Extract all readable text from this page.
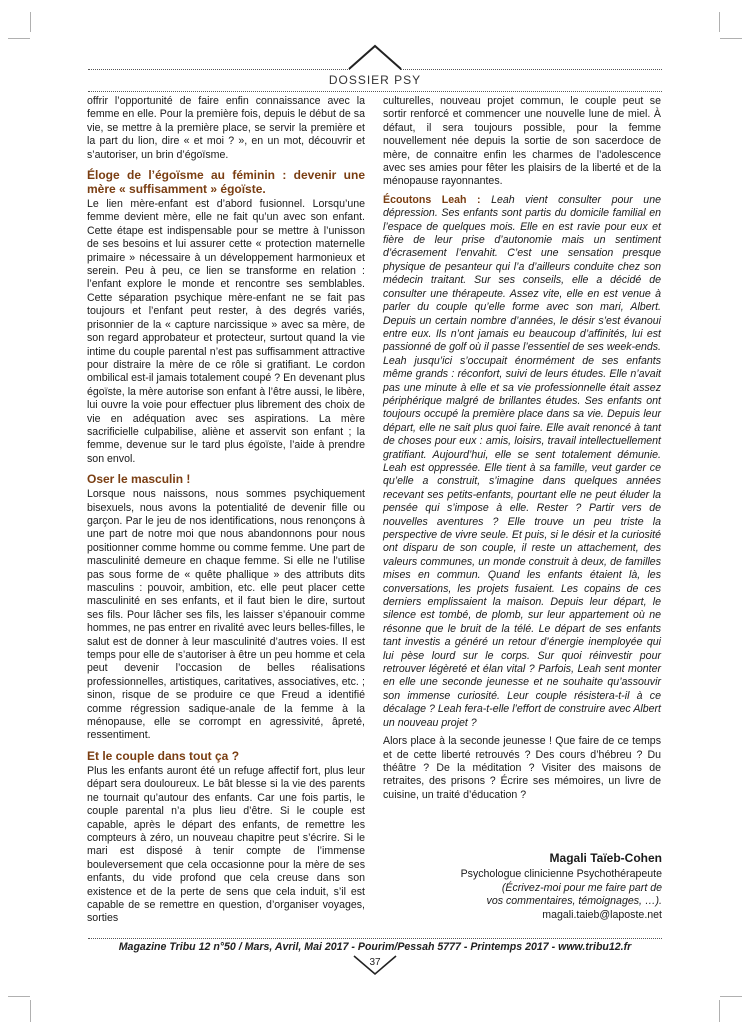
DOSSIER PSY

offrir l’opportunité de faire enfin connaissance avec la femme en elle. Pour la première fois, depuis le début de sa vie, se mettre à la première place, se servir la première et la part du lion, dire « et moi ? », en un mot, découvrir et s’autoriser, un brin d’égoïsme.

Éloge de l’égoïsme au féminin : devenir une mère « suffisamment » égoïste.

Le lien mère-enfant est d’abord fusionnel. Lorsqu’une femme devient mère, elle ne fait qu’un avec son enfant. Cette étape est indispensable pour se mettre à l’unisson de ses besoins et lui assurer cette « protection maternelle primaire » nécessaire à un développement harmonieux et serein. Peu à peu, ce lien se transforme en relation : l’enfant explore le monde et rencontre ses semblables. Cette séparation psychique mère-enfant ne se fait pas toujours et l’enfant peut rester, à des degrés variés, prisonnier de la « capture narcissique » avec sa mère, de son regard approbateur et protecteur, surtout quand la vie intime du couple parental n’est pas suffisamment attractive pour distraire la mère de ce rôle si gratifiant. Le cordon ombilical est-il jamais totalement coupé ? En devenant plus égoïste, la mère autorise son enfant à l’être aussi, le libère, lui ouvre la voie pour effectuer plus librement des choix de vie en adéquation avec ses aspirations. La mère sacrificielle culpabilise, aliène et asservit son enfant ; la femme, devenue sur le tard plus égoïste, l’aide à prendre son envol.

Oser le masculin !

Lorsque nous naissons, nous sommes psychiquement bisexuels, nous avons la potentialité de devenir fille ou garçon. Par le jeu de nos identifications, nous renonçons à une part de notre moi que nous abandonnons pour nous positionner comme homme ou comme femme. Une part de masculinité demeure en chaque femme. Si elle ne l’utilise pas sous forme de « quête phallique » des attributs dits masculins : pouvoir, ambition, etc. elle peut placer cette masculinité en ses enfants, et il faut bien le dire, surtout ses fils. Pour lâcher ses fils, les laisser s’épanouir comme hommes, ne pas entrer en rivalité avec leurs belles-filles, le salut est de donner à leur masculinité d’autres voies. Il est temps pour elle de s’autoriser à être un peu homme et cela peut devenir l’occasion de belles réalisations professionnelles, artistiques, caritatives, associatives, etc. ; sinon, risque de se produire ce que Freud a identifié comme régression sadique-anale de la femme à la ménopause, elle se corrompt en agressivité, âpreté, ressentiment.

Et le couple dans tout ça ?

Plus les enfants auront été un refuge affectif fort, plus leur départ sera douloureux. Le bât blesse si la vie des parents ne tournait qu’autour des enfants. Car une fois partis, le couple parental n’a plus lieu d’être. Si le couple est capable, après le départ des enfants, de remettre les compteurs à zéro, un nouveau chapitre peut s’écrire. Si le mari est disposé à tenir compte de l’immense bouleversement que cela occasionne pour la mère de ses enfants, du vide profond que cela creuse dans son existence et de la perte de sens que cela induit, s’il est capable de se remettre en question, d’organiser voyages, sorties

culturelles, nouveau projet commun, le couple peut se sortir renforcé et commencer une nouvelle lune de miel. À défaut, il sera toujours possible, pour la femme nouvellement née depuis la sortie de son sacerdoce de mère, de connaitre enfin les charmes de l’adolescence avec ses amies pour fêter les plaisirs de la liberté et de la ménopause rayonnantes.

Écoutons Leah : Leah vient consulter pour une dépression. Ses enfants sont partis du domicile familial en l’espace de quelques mois. Elle en est ravie pour eux et fière de leur prise d’autonomie mais un sentiment d’écrasement l’envahit. C’est une sensation presque physique de pesanteur qui l’a d’ailleurs conduite chez son médecin traitant. Sur ses conseils, elle a décidé de consulter une thérapeute. Assez vite, elle en est venue à parler du couple qu’elle forme avec son mari, Albert. Depuis un certain nombre d’années, le désir s’est évanoui entre eux. Ils n’ont jamais eu beaucoup d’affinités, lui est passionné de golf où il passe l’essentiel de ses week-ends. Leah jusqu’ici s’occupait énormément de ses enfants même grands : réconfort, suivi de leurs études. Elle n’avait pas une minute à elle et sa vie professionnelle était assez périphérique malgré de brillantes études. Ses enfants ont toujours occupé la première place dans sa vie. Depuis leur départ, elle ne sait plus quoi faire. Elle avait renoncé à tant de choses pour eux : amis, loisirs, travail intellectuellement gratifiant. Aujourd’hui, elle se sent totalement démunie. Leah est oppressée. Elle tient à sa famille, veut garder ce qu’elle a construit, s’imagine dans quelques années recevant ses petits-enfants, pourtant elle ne peut éluder la pensée qui s’impose à elle. Rester ? Partir vers de nouvelles aventures ? Elle trouve un peu triste la perspective de vivre seule. Et puis, si le désir et la curiosité ont disparu de son couple, il reste un attachement, des valeurs communes, un monde construit à deux, de familles mises en commun. Quand les enfants étaient là, les conversations, les projets fusaient. Les copains de ces derniers emplissaient la maison. Depuis leur départ, le silence est tombé, de plomb, sur leur appartement où ne résonne que le bruit de la télé. Le départ de ses enfants tant investis a généré un retour d’énergie inemployée qui lui pèse lourd sur le corps. Sur quoi réinvestir pour retrouver légèreté et élan vital ? Parfois, Leah sent monter en elle une seconde jeunesse et ne souhaite qu’assouvir son immense curiosité. Leur couple résistera-t-il à ce décalage ? Leah fera-t-elle l’effort de construire avec Albert un nouveau projet ?

Alors place à la seconde jeunesse ! Que faire de ce temps et de cette liberté retrouvés ? Des cours d’hébreu ? Du théâtre ? De la méditation ? Visiter des maisons de retraites, des prisons ? Écrire ses mémoires, un livre de cuisine, un traité d’éducation ?

Magali Taïeb-Cohen
Psychologue clinicienne Psychothérapeute
(Écrivez-moi pour me faire part de
vos commentaires, témoignages, …).
magali.taieb@laposte.net
Magazine Tribu 12 n°50 / Mars, Avril, Mai 2017 - Pourim/Pessah 5777 - Printemps 2017 - www.tribu12.fr
37
